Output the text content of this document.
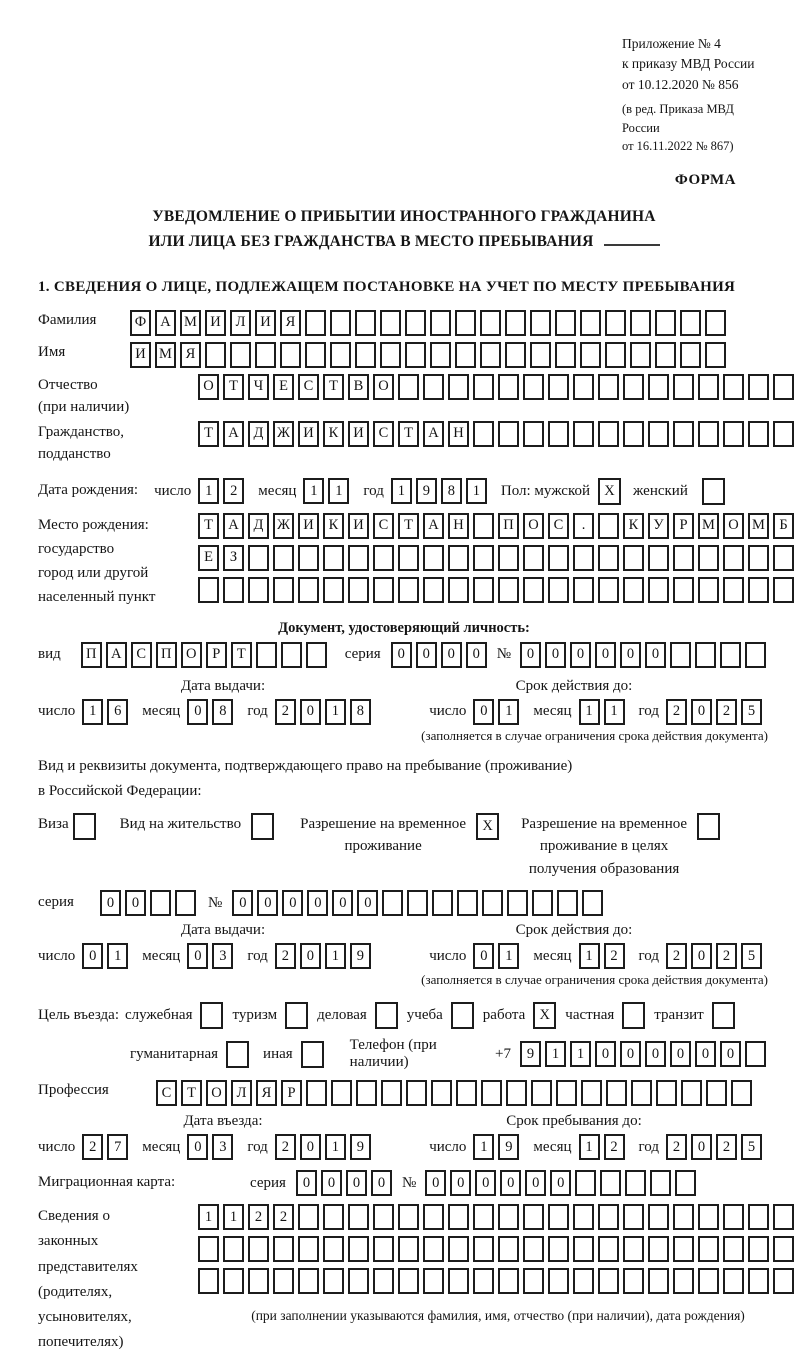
Приложение № 4
к приказу МВД России
от 10.12.2020 № 856
(в ред. Приказа МВД России
от 16.11.2022 № 867)
ФОРМА
УВЕДОМЛЕНИЕ О ПРИБЫТИИ ИНОСТРАННОГО ГРАЖДАНИНА
ИЛИ ЛИЦА БЕЗ ГРАЖДАНСТВА В МЕСТО ПРЕБЫВАНИЯ
1. СВЕДЕНИЯ О ЛИЦЕ, ПОДЛЕЖАЩЕМ ПОСТАНОВКЕ НА УЧЕТ ПО МЕСТУ ПРЕБЫВАНИЯ
Фамилия	Ф А М И	Л	И	Я
Имя	И М Я
Отчество
(при наличии)
О	Т	Ч	Е	С	Т	В	О
Гражданство,
подданство
Т	А	Д Ж И	К	И	С	Т	А	Н
Дата рождения: число 1	2	месяц 1	1	год 1	9	8	1	Пол: мужской X	женский
Место рождения:
государство
город или другой
населенный пункт
Т	А	Д Ж И	К	И	С	Т	А	Н	П	О	С	.	К	У	Р	М О М Б
Е	З
Документ, удостоверяющий личность:
вид	П	А	С	П	О	Р	Т	серия	0	0	0	0	№	0	0	0	0	0	0
Дата выдачи:	Срок действия до:
число 1	6	месяц 0	8	год 2	0	1	8	число 0	1	месяц 1	1	год 2	0	2	5
(заполняется в случае ограничения срока действия документа)
Вид и реквизиты документа, подтверждающего право на пребывание (проживание)
в Российской Федерации:
Виза	Вид на жительство	Разрешение на временное
проживание
X	Разрешение на временное
проживание в целях
получения образования
серия	0	0	№	0	0	0	0	0	0
Дата выдачи:	Срок действия до:
число 0	1	месяц 0	3	год 2	0	1	9	число 0	1	месяц 1	2	год 2	0	2	5
(заполняется в случае ограничения срока действия документа)
Цель въезда: служебная	туризм	деловая	учеба	работа X	частная	транзит
гуманитарная	иная
Телефон (при наличии)
+7	9	1	1	0	0	0	0	0	0
Профессия	С	Т	О	Л	Я	Р
Дата въезда:	Срок пребывания до:
число 2	7	месяц 0	3	год 2	0	1	9	число 1	9	месяц 1	2	год 2	0	2	5
Миграционная карта:	серия	0	0	0	0	№	0	0	0	0	0	0
Сведения о
законных
представителях
(родителях,
усыновителях,
попечителях)
1	1	2	2
(при заполнении указываются фамилия, имя, отчество (при наличии), дата рождения)
